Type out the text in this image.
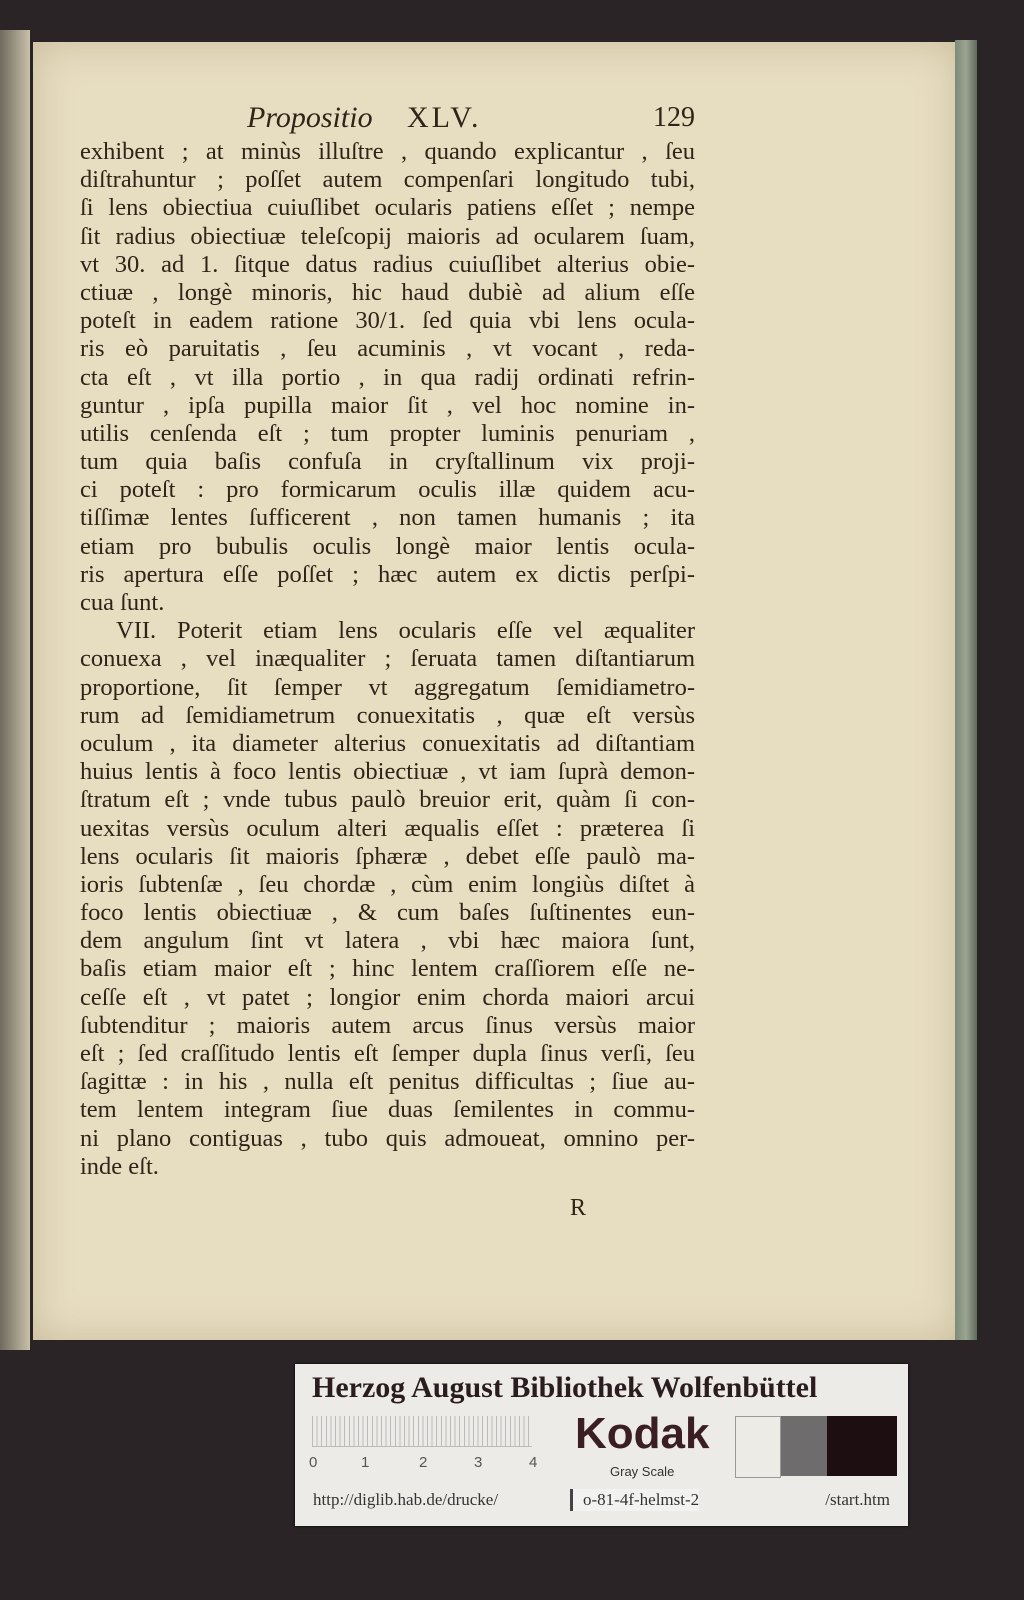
Propositio XLV.	129
exhibent ; at minùs illuſtre , quando explicantur , ſeu
diſtrahuntur ; poſſet autem compenſari longitudo tubi,
ſi lens obiectiua cuiuſlibet ocularis patiens eſſet ; nempe
ſit radius obiectiuæ teleſcopij maioris ad ocularem ſuam,
vt 30. ad 1. ſitque datus radius cuiuſlibet alterius obie-
ctiuæ , longè minoris, hic haud dubiè ad alium eſſe
poteſt in eadem ratione 30/1. ſed quia vbi lens ocula-
ris eò paruitatis , ſeu acuminis , vt vocant , reda-
cta eſt , vt illa portio , in qua radij ordinati refrin-
guntur , ipſa pupilla maior ſit , vel hoc nomine in-
utilis cenſenda eſt ; tum propter luminis penuriam ,
tum quia baſis confuſa in cryſtallinum vix proji-
ci poteſt : pro formicarum oculis illæ quidem acu-
tiſſimæ lentes ſufficerent , non tamen humanis ; ita
etiam pro bubulis oculis longè maior lentis ocula-
ris apertura eſſe poſſet ; hæc autem ex dictis perſpi-
cua ſunt.
VII. Poterit etiam lens ocularis eſſe vel æqualiter
conuexa , vel inæqualiter ; ſeruata tamen diſtantiarum
proportione, ſit ſemper vt aggregatum ſemidiametro-
rum ad ſemidiametrum conuexitatis , quæ eſt versùs
oculum , ita diameter alterius conuexitatis ad diſtantiam
huius lentis à foco lentis obiectiuæ , vt iam ſuprà demon-
ſtratum eſt ; vnde tubus paulò breuior erit, quàm ſi con-
uexitas versùs oculum alteri æqualis eſſet : præterea ſi
lens ocularis ſit maioris ſphæræ , debet eſſe paulò ma-
ioris ſubtenſæ , ſeu chordæ , cùm enim longiùs diſtet à
foco lentis obiectiuæ , & cum baſes ſuſtinentes eun-
dem angulum ſint vt latera , vbi hæc maiora ſunt,
baſis etiam maior eſt ; hinc lentem craſſiorem eſſe ne-
ceſſe eſt , vt patet ; longior enim chorda maiori arcui
ſubtenditur ; maioris autem arcus ſinus versùs maior
eſt ; ſed craſſitudo lentis eſt ſemper dupla ſinus verſi, ſeu
ſagittæ : in his , nulla eſt penitus difficultas ; ſiue au-
tem lentem integram ſiue duas ſemilentes in commu-
ni plano contiguas , tubo quis admoueat, omnino per-
inde eſt.
R
Herzog August Bibliothek Wolfenbüttel
0	1	2	3	4
Kodak
Gray Scale
http://diglib.hab.de/drucke/	o-81-4f-helmst-2	/start.htm
